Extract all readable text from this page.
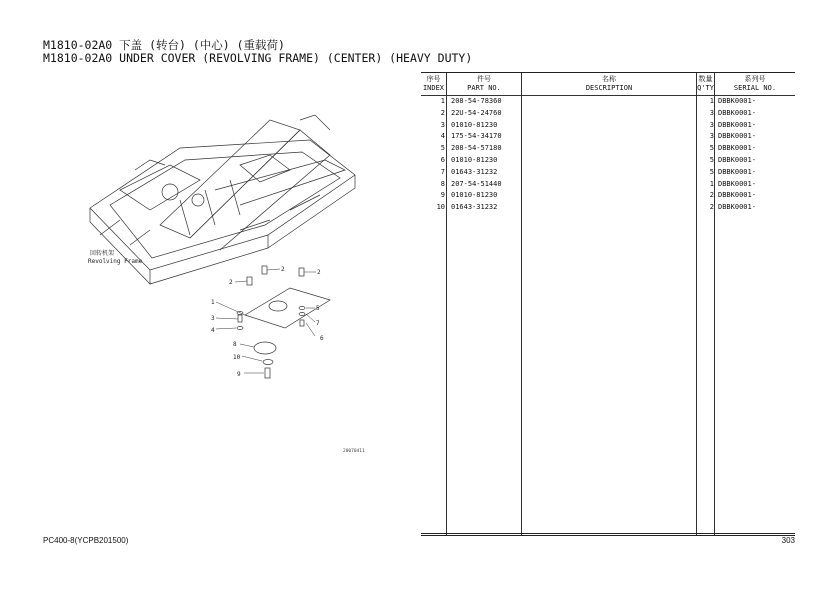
M1810-02A0 下盖 (转台) (中心) (重载荷)
M1810-02A0 UNDER COVER (REVOLVING FRAME) (CENTER) (HEAVY DUTY)
回转机架
Revolving Frame
1
2
2	2
3
4
5
6
7
8
10
9
20070411
序号
INDEX
件号
PART NO.
名称
DESCRIPTION
数量
Q'TY
系列号
SERIAL NO.
1 208-54-78360	1 DBBK0001-
2 22U-54-24760	3 DBBK0001-
3 01010-81230	3 DBBK0001-
4 175-54-34170	3 DBBK0001-
5 208-54-57180	5 DBBK0001-
6 01010-81230	5 DBBK0001-
7 01643-31232	5 DBBK0001-
8 207-54-51440	1 DBBK0001-
9 01010-81230	2 DBBK0001-
10 01643-31232	2 DBBK0001-
PC400-8(YCPB201500)	303
